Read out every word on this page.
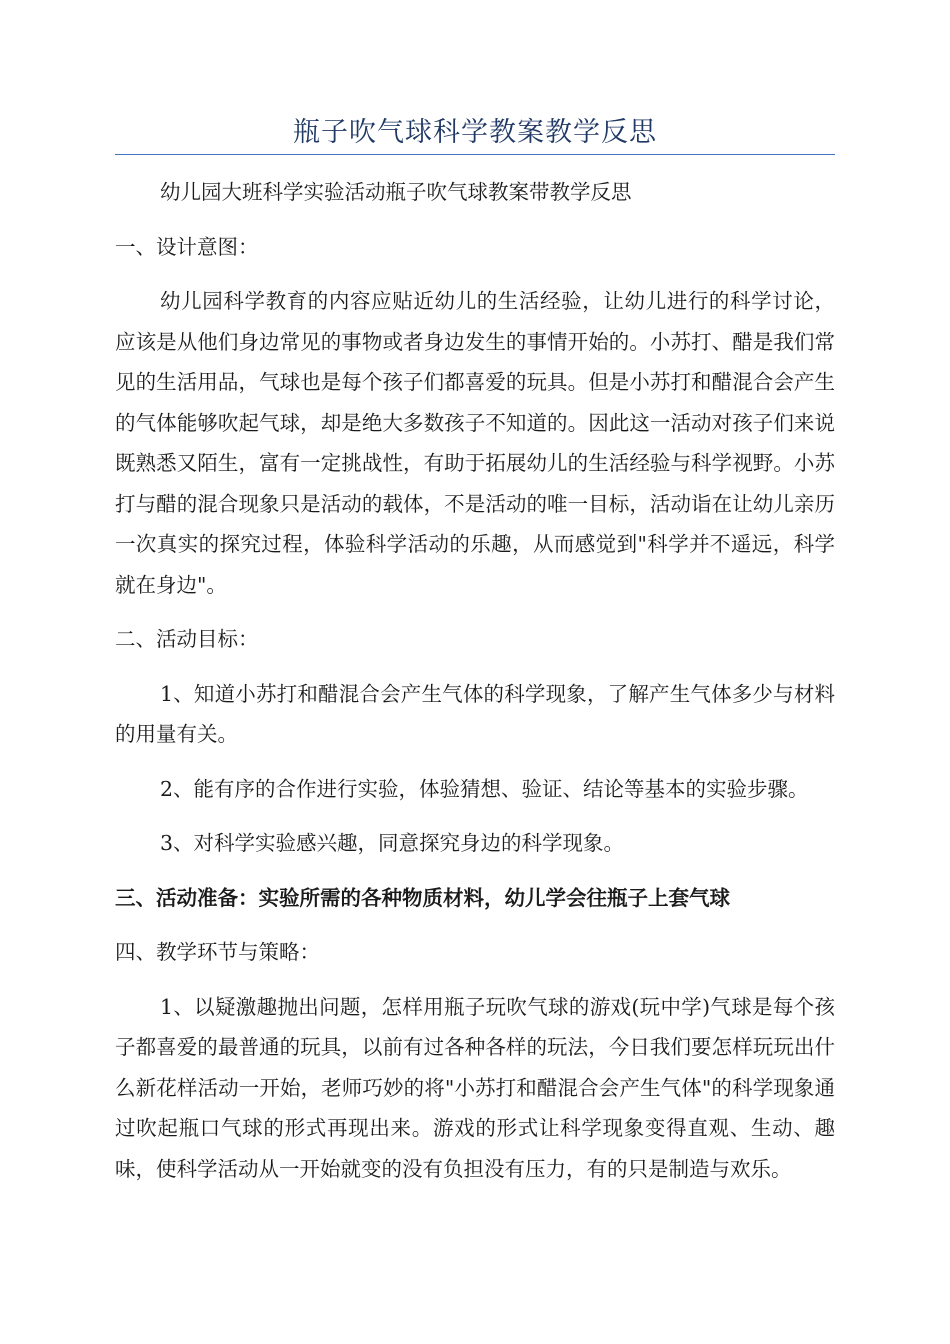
瓶子吹气球科学教案教学反思

幼儿园大班科学实验活动瓶子吹气球教案带教学反思

一、设计意图：

幼儿园科学教育的内容应贴近幼儿的生活经验，让幼儿进行的科学讨论，应该是从他们身边常见的事物或者身边发生的事情开始的。小苏打、醋是我们常见的生活用品，气球也是每个孩子们都喜爱的玩具。但是小苏打和醋混合会产生的气体能够吹起气球，却是绝大多数孩子不知道的。因此这一活动对孩子们来说既熟悉又陌生，富有一定挑战性，有助于拓展幼儿的生活经验与科学视野。小苏打与醋的混合现象只是活动的载体，不是活动的唯一目标，活动诣在让幼儿亲历一次真实的探究过程，体验科学活动的乐趣，从而感觉到"科学并不遥远，科学就在身边"。

二、活动目标：

1、知道小苏打和醋混合会产生气体的科学现象，了解产生气体多少与材料的用量有关。

2、能有序的合作进行实验，体验猜想、验证、结论等基本的实验步骤。

3、对科学实验感兴趣，同意探究身边的科学现象。

三、活动准备：实验所需的各种物质材料，幼儿学会往瓶子上套气球

四、教学环节与策略：

1、以疑激趣抛出问题，怎样用瓶子玩吹气球的游戏(玩中学)气球是每个孩子都喜爱的最普通的玩具，以前有过各种各样的玩法，今日我们要怎样玩玩出什么新花样活动一开始，老师巧妙的将"小苏打和醋混合会产生气体"的科学现象通过吹起瓶口气球的形式再现出来。游戏的形式让科学现象变得直观、生动、趣味，使科学活动从一开始就变的没有负担没有压力，有的只是制造与欢乐。
